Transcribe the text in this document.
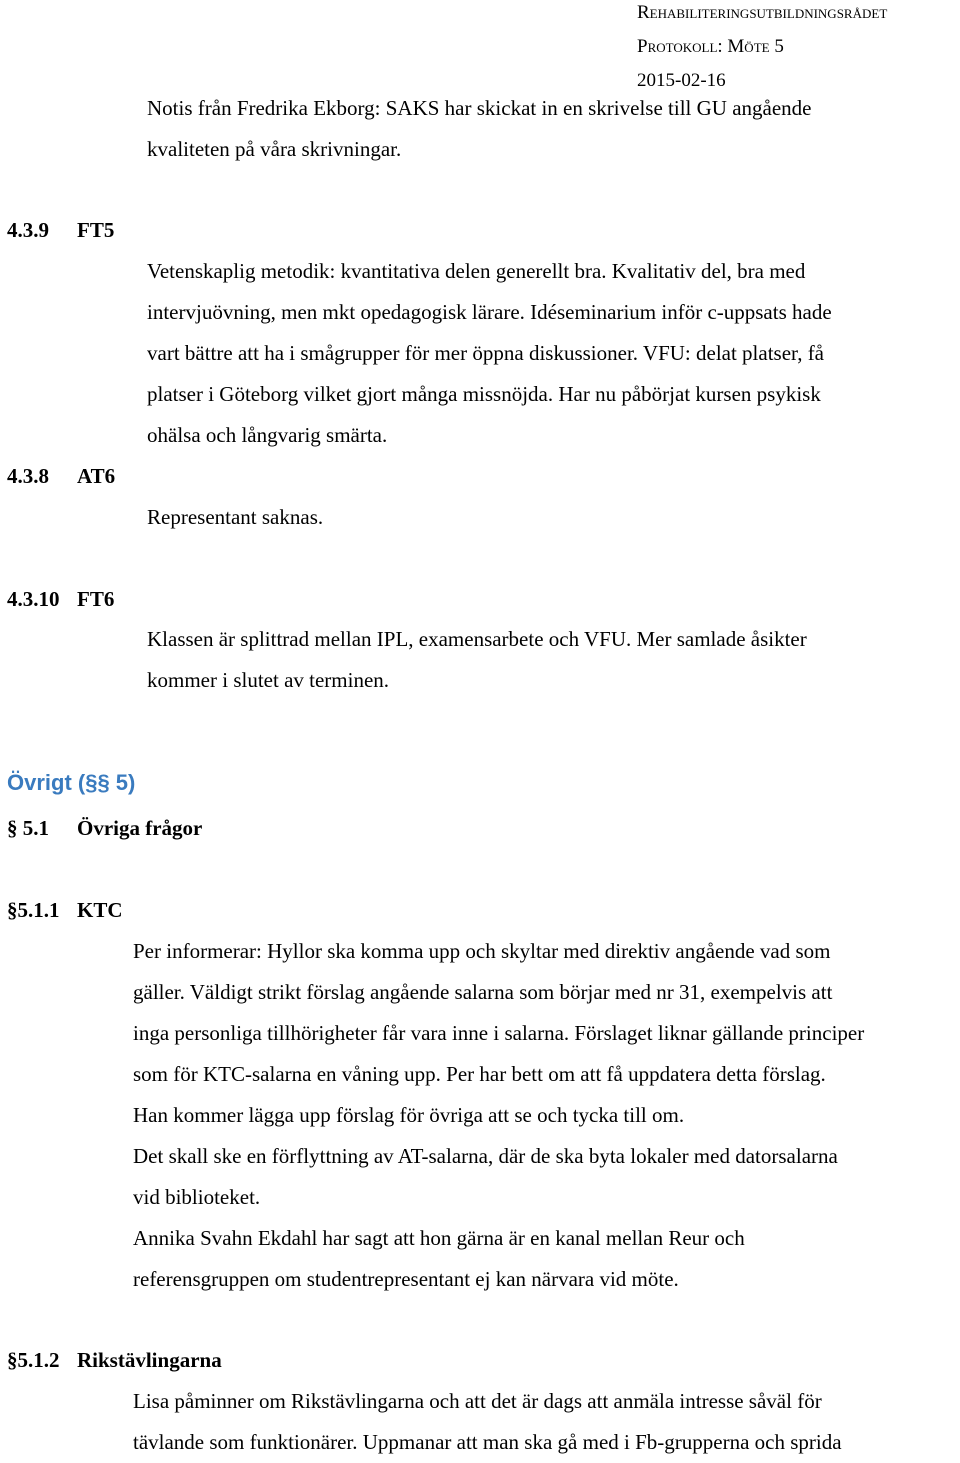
Rehabiliteringsutbildningsrådet
Protokoll: Möte 5
2015-02-16
Notis från Fredrika Ekborg: SAKS har skickat in en skrivelse till GU angående
kvaliteten på våra skrivningar.
4.3.9 FT5
Vetenskaplig metodik: kvantitativa delen generellt bra. Kvalitativ del, bra med
intervjuövning, men mkt opedagogisk lärare. Idéseminarium inför c-uppsats hade
vart bättre att ha i smågrupper för mer öppna diskussioner. VFU: delat platser, få
platser i Göteborg vilket gjort många missnöjda. Har nu påbörjat kursen psykisk
ohälsa och långvarig smärta.
4.3.8 AT6
Representant saknas.
4.3.10 FT6
Klassen är splittrad mellan IPL, examensarbete och VFU. Mer samlade åsikter
kommer i slutet av terminen.
Övrigt (§§ 5)
§ 5.1 Övriga frågor
§5.1.1 KTC
Per informerar: Hyllor ska komma upp och skyltar med direktiv angående vad som
gäller. Väldigt strikt förslag angående salarna som börjar med nr 31, exempelvis att
inga personliga tillhörigheter får vara inne i salarna. Förslaget liknar gällande principer
som för KTC-salarna en våning upp. Per har bett om att få uppdatera detta förslag.
Han kommer lägga upp förslag för övriga att se och tycka till om.
Det skall ske en förflyttning av AT-salarna, där de ska byta lokaler med datorsalarna
vid biblioteket.
Annika Svahn Ekdahl har sagt att hon gärna är en kanal mellan Reur och
referensgruppen om studentrepresentant ej kan närvara vid möte.
§5.1.2 Rikstävlingarna
Lisa påminner om Rikstävlingarna och att det är dags att anmäla intresse såväl för
tävlande som funktionärer. Uppmanar att man ska gå med i Fb-grupperna och sprida
